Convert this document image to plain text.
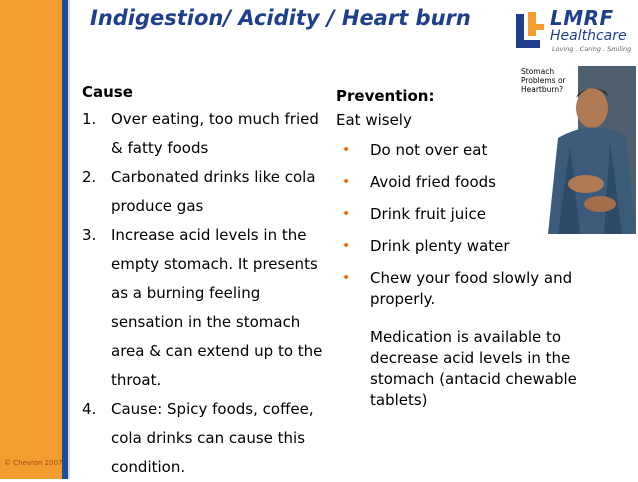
© Chevron 2007
Indigestion/ Acidity / Heart burn	LMRF
Healthcare
Loving . Caring . Smiling
Cause
1. Over eating, too much fried & fatty foods
2. Carbonated drinks like cola produce gas
3. Increase acid levels in the empty stomach. It presents as a burning feeling sensation in the stomach area & can extend up to the throat.
4. Cause: Spicy foods, coffee, cola drinks can cause this condition.
Prevention:
Eat wisely
• Do not over eat
• Avoid fried foods
• Drink fruit juice
• Drink plenty water
• Chew your food slowly and properly.
Medication is available to decrease acid levels in the stomach (antacid chewable tablets)
Stomach
Problems or
Heartburn?
